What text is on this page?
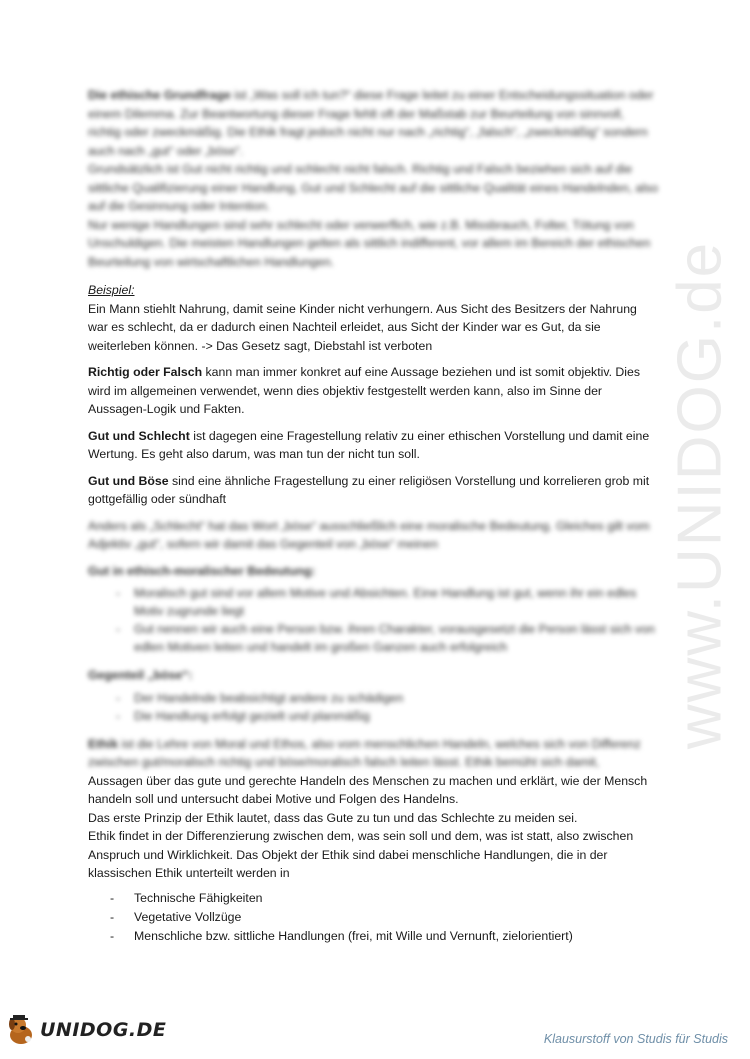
www.UNIDOG.de

Die ethische Grundfrage ist „Was soll ich tun?“ diese Frage leitet zu einer Entscheidungssituation oder einem Dilemma. Zur Beantwortung dieser Frage fehlt oft der Maßstab zur Beurteilung von sinnvoll, richtig oder zweckmäßig. Die Ethik fragt jedoch nicht nur nach „richtig“, „falsch“, „zweckmäßig“ sondern auch nach „gut“ oder „böse“.

Grundsätzlich ist Gut nicht richtig und schlecht nicht falsch. Richtig und Falsch beziehen sich auf die sittliche Qualifizierung einer Handlung, Gut und Schlecht auf die sittliche Qualität eines Handelnden, also auf die Gesinnung oder Intention.

Nur wenige Handlungen sind sehr schlecht oder verwerflich, wie z.B. Missbrauch, Folter, Tötung von Unschuldigen. Die meisten Handlungen gelten als sittlich indifferent, vor allem im Bereich der ethischen Beurteilung von wirtschaftlichen Handlungen.

Beispiel:
Ein Mann stiehlt Nahrung, damit seine Kinder nicht verhungern. Aus Sicht des Besitzers der Nahrung war es schlecht, da er dadurch einen Nachteil erleidet, aus Sicht der Kinder war es Gut, da sie weiterleben können. -> Das Gesetz sagt, Diebstahl ist verboten

Richtig oder Falsch kann man immer konkret auf eine Aussage beziehen und ist somit objektiv. Dies wird im allgemeinen verwendet, wenn dies objektiv festgestellt werden kann, also im Sinne der Aussagen-Logik und Fakten.

Gut und Schlecht ist dagegen eine Fragestellung relativ zu einer ethischen Vorstellung und damit eine Wertung. Es geht also darum, was man tun der nicht tun soll.

Gut und Böse sind eine ähnliche Fragestellung zu einer religiösen Vorstellung und korrelieren grob mit gottgefällig oder sündhaft

Anders als „Schlecht“ hat das Wort „böse“ ausschließlich eine moralische Bedeutung. Gleiches gilt vom Adjektiv „gut“, sofern wir damit das Gegenteil von „böse“ meinen

Gut in ethisch-moralischer Bedeutung:

- Moralisch gut sind vor allem Motive und Absichten. Eine Handlung ist gut, wenn ihr ein edles Motiv zugrunde liegt
- Gut nennen wir auch eine Person bzw. ihren Charakter, vorausgesetzt die Person lässt sich von edlen Motiven leiten und handelt im großen Ganzen auch erfolgreich

Gegenteil „böse“:

- Der Handelnde beabsichtigt andere zu schädigen
- Die Handlung erfolgt gezielt und planmäßig

Ethik ist die Lehre von Moral und Ethos, also vom menschlichen Handeln, welches sich von Differenz zwischen gut/moralisch richtig und böse/moralisch falsch leiten lässt. Ethik bemüht sich damit,

Aussagen über das gute und gerechte Handeln des Menschen zu machen und erklärt, wie der Mensch handeln soll und untersucht dabei Motive und Folgen des Handelns.

Das erste Prinzip der Ethik lautet, dass das Gute zu tun und das Schlechte zu meiden sei.

Ethik findet in der Differenzierung zwischen dem, was sein soll und dem, was ist statt, also zwischen Anspruch und Wirklichkeit. Das Objekt der Ethik sind dabei menschliche Handlungen, die in der klassischen Ethik unterteilt werden in

- Technische Fähigkeiten
- Vegetative Vollzüge
- Menschliche bzw. sittliche Handlungen (frei, mit Wille und Vernunft, zielorientiert)
UNIDOG.DE	Klausurstoff von Studis für Studis
